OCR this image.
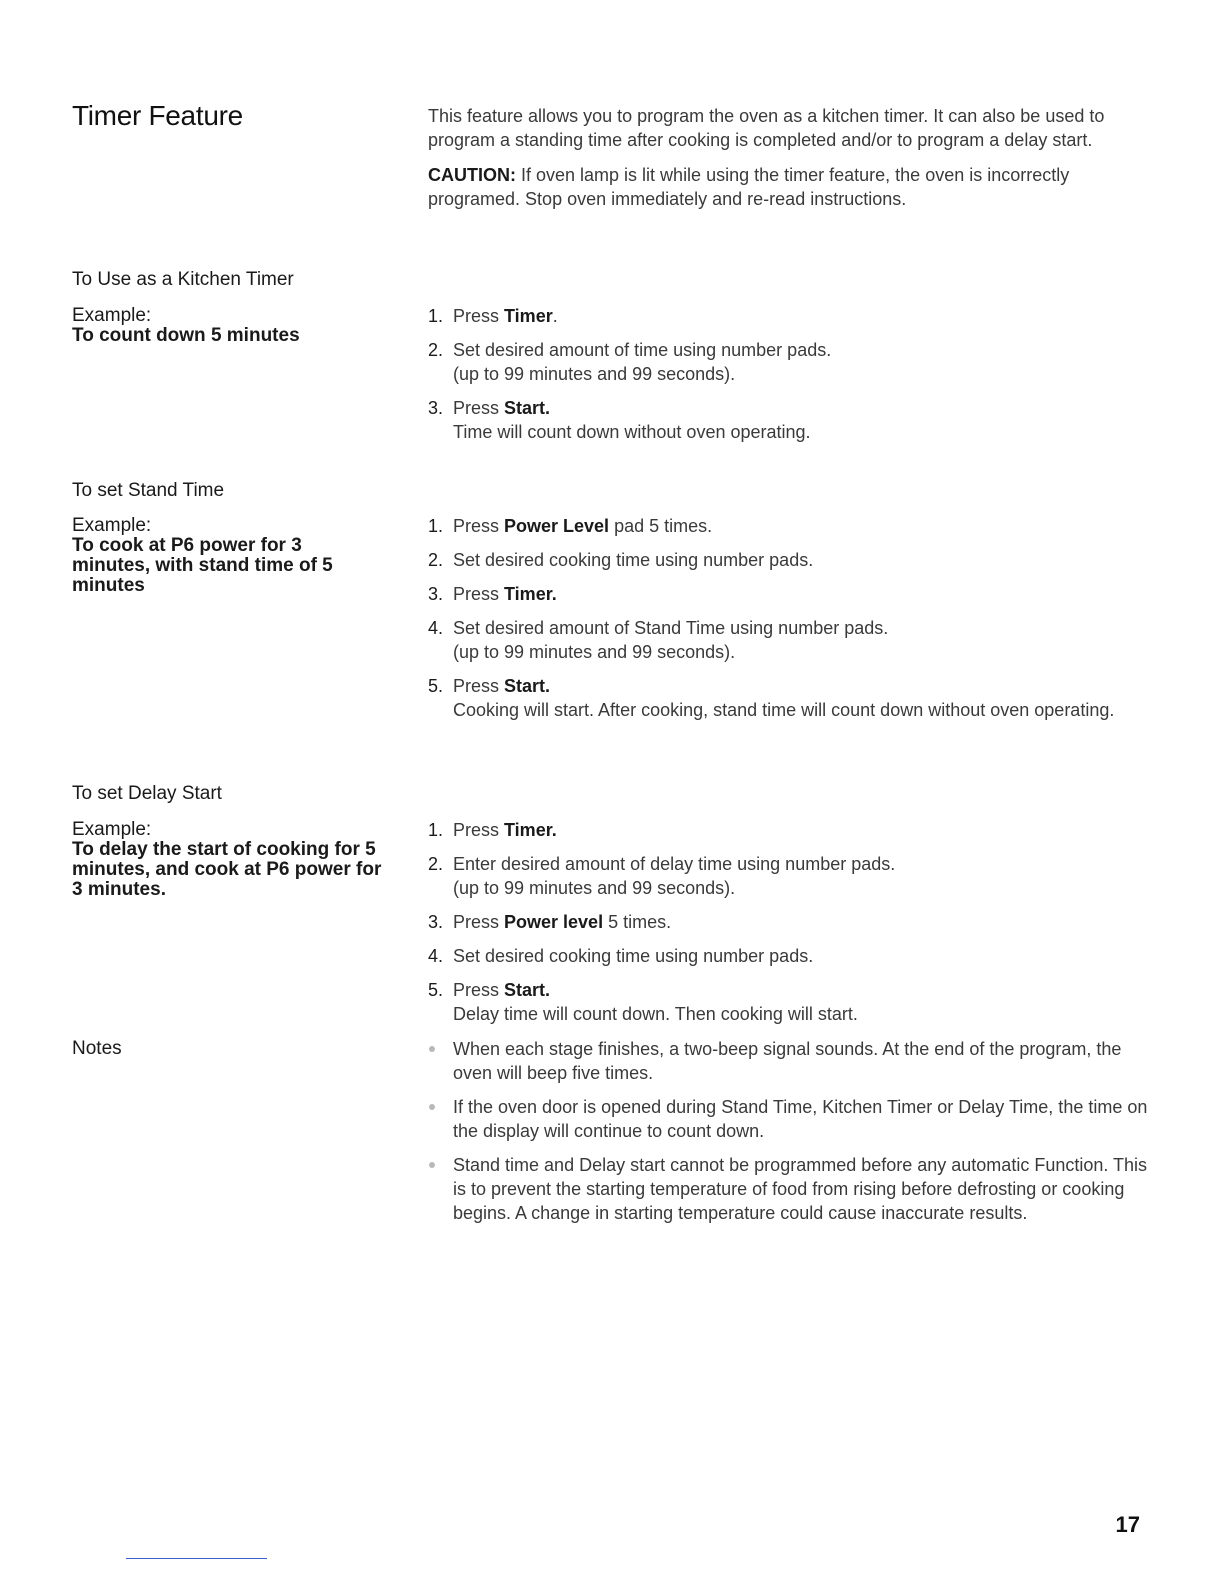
Timer Feature	This feature allows you to program the oven as a kitchen timer. It can also be used to program a standing time after cooking is completed and/or to program a delay start.

CAUTION: If oven lamp is lit while using the timer feature, the oven is incorrectly programed. Stop oven immediately and re-read instructions.

To Use as a Kitchen Timer
Example:
To count down 5 minutes
1. Press Timer.
2. Set desired amount of time using number pads.
(up to 99 minutes and 99 seconds).
3. Press Start.
Time will count down without oven operating.
To set Stand Time
Example:
To cook at P6 power for 3 minutes, with stand time of 5 minutes
1. Press Power Level pad 5 times.
2. Set desired cooking time using number pads.
3. Press Timer.
4. Set desired amount of Stand Time using number pads.
(up to 99 minutes and 99 seconds).
5. Press Start.
Cooking will start. After cooking, stand time will count down without oven operating.
To set Delay Start
Example:
To delay the start of cooking for 5 minutes, and cook at P6 power for 3 minutes.
1. Press Timer.
2. Enter desired amount of delay time using number pads.
(up to 99 minutes and 99 seconds).
3. Press Power level 5 times.
4. Set desired cooking time using number pads.
5. Press Start.
Delay time will count down. Then cooking will start.
Notes	When each stage finishes, a two-beep signal sounds. At the end of the program, the oven will beep five times.
If the oven door is opened during Stand Time, Kitchen Timer or Delay Time, the time on the display will continue to count down.
Stand time and Delay start cannot be programmed before any automatic Function. This is to prevent the starting temperature of food from rising before defrosting or cooking begins. A change in starting temperature could cause inaccurate results.
17
